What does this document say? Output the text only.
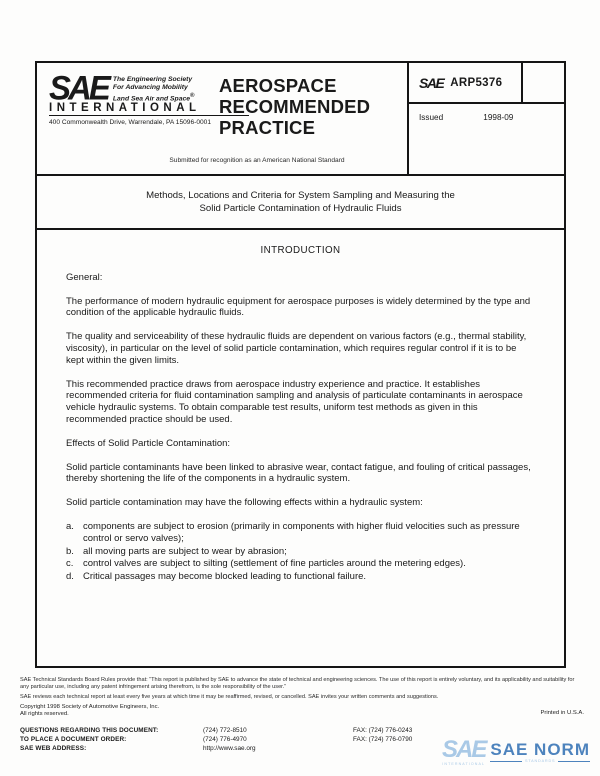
SAE The Engineering Society
For Advancing Mobility
Land Sea Air and Space®
INTERNATIONAL
400 Commonwealth Drive, Warrendale, PA 15096-0001
AEROSPACE RECOMMENDED PRACTICE
Submitted for recognition as an American National Standard
SAE ARP5376
Issued	1998-09
Methods, Locations and Criteria for System Sampling and Measuring the
Solid Particle Contamination of Hydraulic Fluids
INTRODUCTION
General:
The performance of modern hydraulic equipment for aerospace purposes is widely determined by the type and condition of the applicable hydraulic fluids.
The quality and serviceability of these hydraulic fluids are dependent on various factors (e.g., thermal stability, viscosity), in particular on the level of solid particle contamination, which requires regular control if it is to be kept within the given limits.
This recommended practice draws from aerospace industry experience and practice. It establishes recommended criteria for fluid contamination sampling and analysis of particulate contaminants in aerospace vehicle hydraulic systems. To obtain comparable test results, uniform test methods as given in this recommended practice should be used.
Effects of Solid Particle Contamination:
Solid particle contaminants have been linked to abrasive wear, contact fatigue, and fouling of critical passages, thereby shortening the life of the components in a hydraulic system.
Solid particle contamination may have the following effects within a hydraulic system:
a. components are subject to erosion (primarily in components with higher fluid velocities such as pressure control or servo valves);
b. all moving parts are subject to wear by abrasion;
c.	control valves are subject to silting (settlement of fine particles around the metering edges).
d. Critical passages may become blocked leading to functional failure.
SAE Technical Standards Board Rules provide that: “This report is published by SAE to advance the state of technical and engineering sciences. The use of this report is entirely voluntary, and its applicability and suitability for any particular use, including any patent infringement arising therefrom, is the sole responsibility of the user.”
SAE reviews each technical report at least every five years at which time it may be reaffirmed, revised, or cancelled. SAE invites your written comments and suggestions.
Copyright 1998 Society of Automotive Engineers, Inc.
All rights reserved.	Printed in U.S.A.
QUESTIONS REGARDING THIS DOCUMENT:	(724) 772-8510	FAX: (724) 776-0243
TO PLACE A DOCUMENT ORDER:	(724) 776-4970	FAX: (724) 776-0790
SAE WEB ADDRESS:	http://www.sae.org	SAE
INTERNATIONAL
SAE NORM
STANDARDS
